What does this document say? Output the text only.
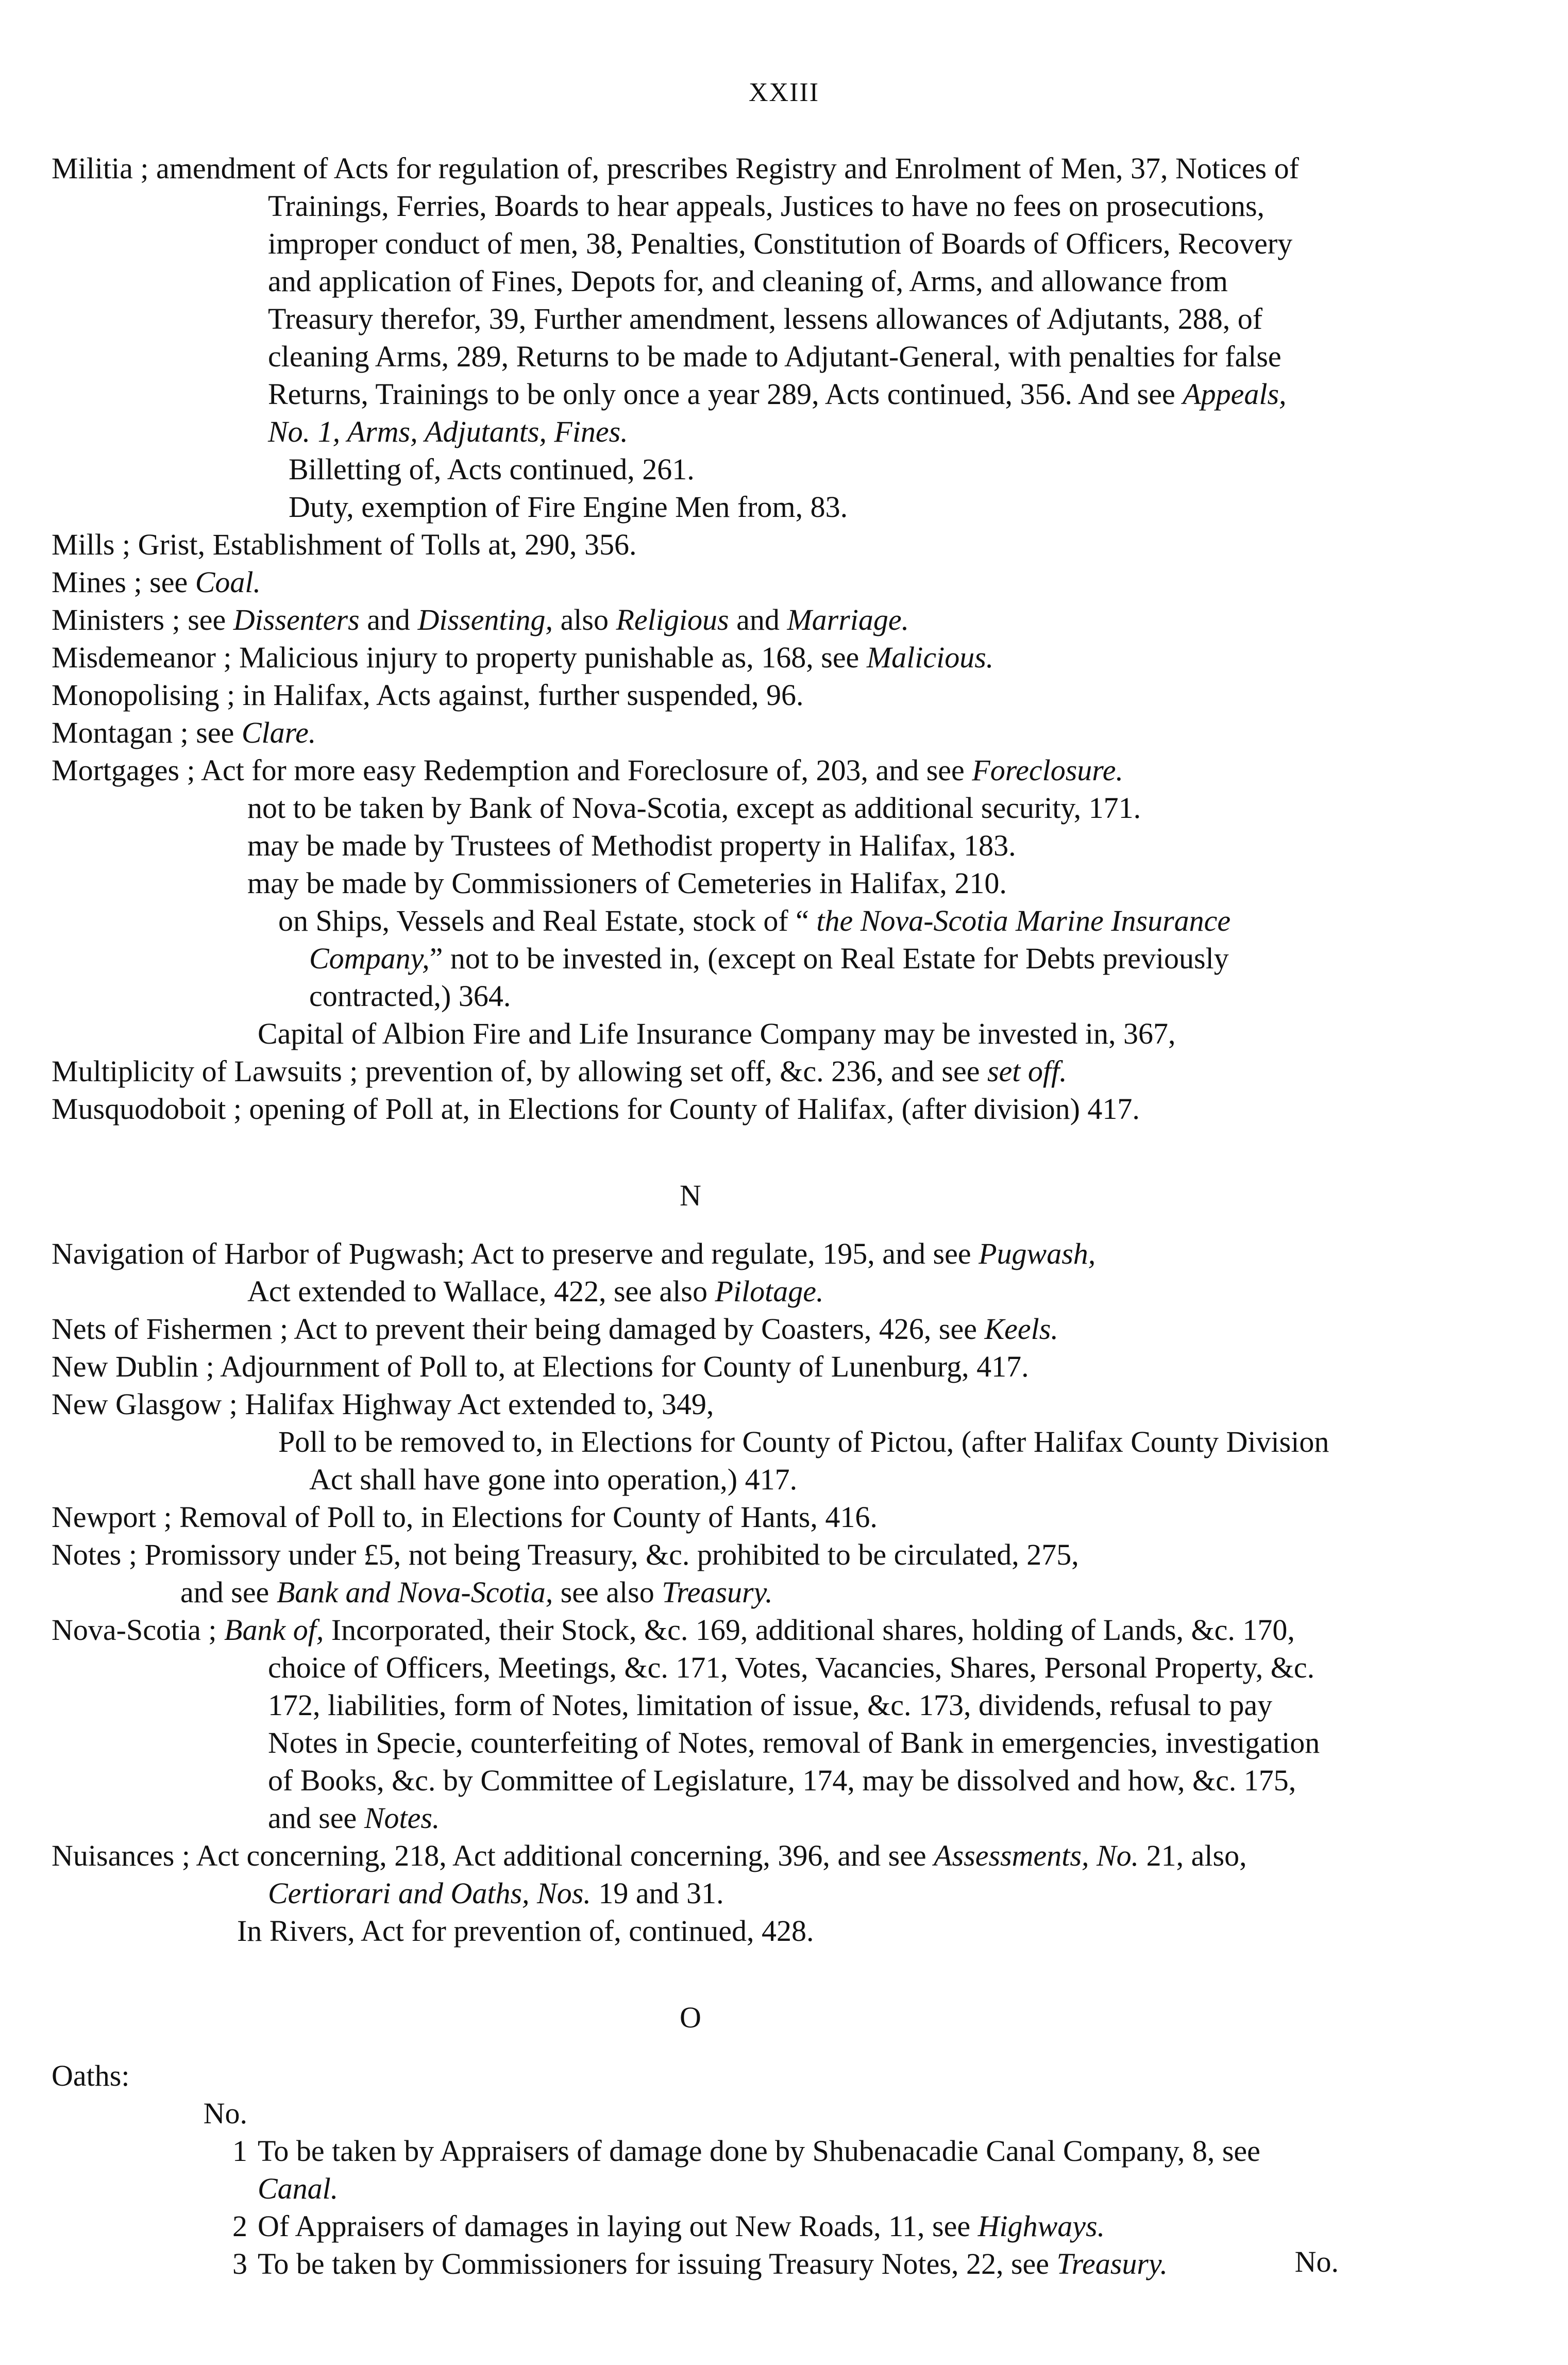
XXIII

Militia ; amendment of Acts for regulation of, prescribes Registry and Enrolment of Men, 37, Notices of Trainings, Ferries, Boards to hear appeals, Justices to have no fees on prosecutions, improper conduct of men, 38, Penalties, Constitution of Boards of Officers, Recovery and application of Fines, Depots for, and cleaning of, Arms, and allowance from Treasury therefor, 39, Further amendment, lessens allowances of Adjutants, 288, of cleaning Arms, 289, Returns to be made to Adjutant-General, with penalties for false Returns, Trainings to be only once a year 289, Acts continued, 356. And see Appeals, No. 1, Arms, Adjutants, Fines.

Billetting of, Acts continued, 261.

Duty, exemption of Fire Engine Men from, 83.

Mills ; Grist, Establishment of Tolls at, 290, 356.

Mines ; see Coal.

Ministers ; see Dissenters and Dissenting, also Religious and Marriage.

Misdemeanor ; Malicious injury to property punishable as, 168, see Malicious.

Monopolising ; in Halifax, Acts against, further suspended, 96.

Montagan ; see Clare.

Mortgages ; Act for more easy Redemption and Foreclosure of, 203, and see Foreclosure.

not to be taken by Bank of Nova-Scotia, except as additional security, 171.

may be made by Trustees of Methodist property in Halifax, 183.

may be made by Commissioners of Cemeteries in Halifax, 210.

on Ships, Vessels and Real Estate, stock of “ the Nova-Scotia Marine Insurance Company,” not to be invested in, (except on Real Estate for Debts previously contracted,) 364.

Capital of Albion Fire and Life Insurance Company may be invested in, 367,

Multiplicity of Lawsuits ; prevention of, by allowing set off, &c. 236, and see set off.

Musquodoboit ; opening of Poll at, in Elections for County of Halifax, (after division) 417.

N

Navigation of Harbor of Pugwash; Act to preserve and regulate, 195, and see Pugwash,

Act extended to Wallace, 422, see also Pilotage.

Nets of Fishermen ; Act to prevent their being damaged by Coasters, 426, see Keels.

New Dublin ; Adjournment of Poll to, at Elections for County of Lunenburg, 417.

New Glasgow ; Halifax Highway Act extended to, 349,

Poll to be removed to, in Elections for County of Pictou, (after Halifax County Division Act shall have gone into operation,) 417.

Newport ; Removal of Poll to, in Elections for County of Hants, 416.

Notes ; Promissory under £5, not being Treasury, &c. prohibited to be circulated, 275,

and see Bank and Nova-Scotia, see also Treasury.

Nova-Scotia ; Bank of, Incorporated, their Stock, &c. 169, additional shares, holding of Lands, &c. 170, choice of Officers, Meetings, &c. 171, Votes, Vacancies, Shares, Personal Property, &c. 172, liabilities, form of Notes, limitation of issue, &c. 173, dividends, refusal to pay Notes in Specie, counterfeiting of Notes, removal of Bank in emergencies, investigation of Books, &c. by Committee of Legislature, 174, may be dissolved and how, &c. 175, and see Notes.

Nuisances ; Act concerning, 218, Act additional concerning, 396, and see Assessments, No. 21, also, Certiorari and Oaths, Nos. 19 and 31.

In Rivers, Act for prevention of, continued, 428.

O

Oaths:

No. 1 To be taken by Appraisers of damage done by Shubenacadie Canal Company, 8, see Canal.

2 Of Appraisers of damages in laying out New Roads, 11, see Highways.

3 To be taken by Commissioners for issuing Treasury Notes, 22, see Treasury.	No.
